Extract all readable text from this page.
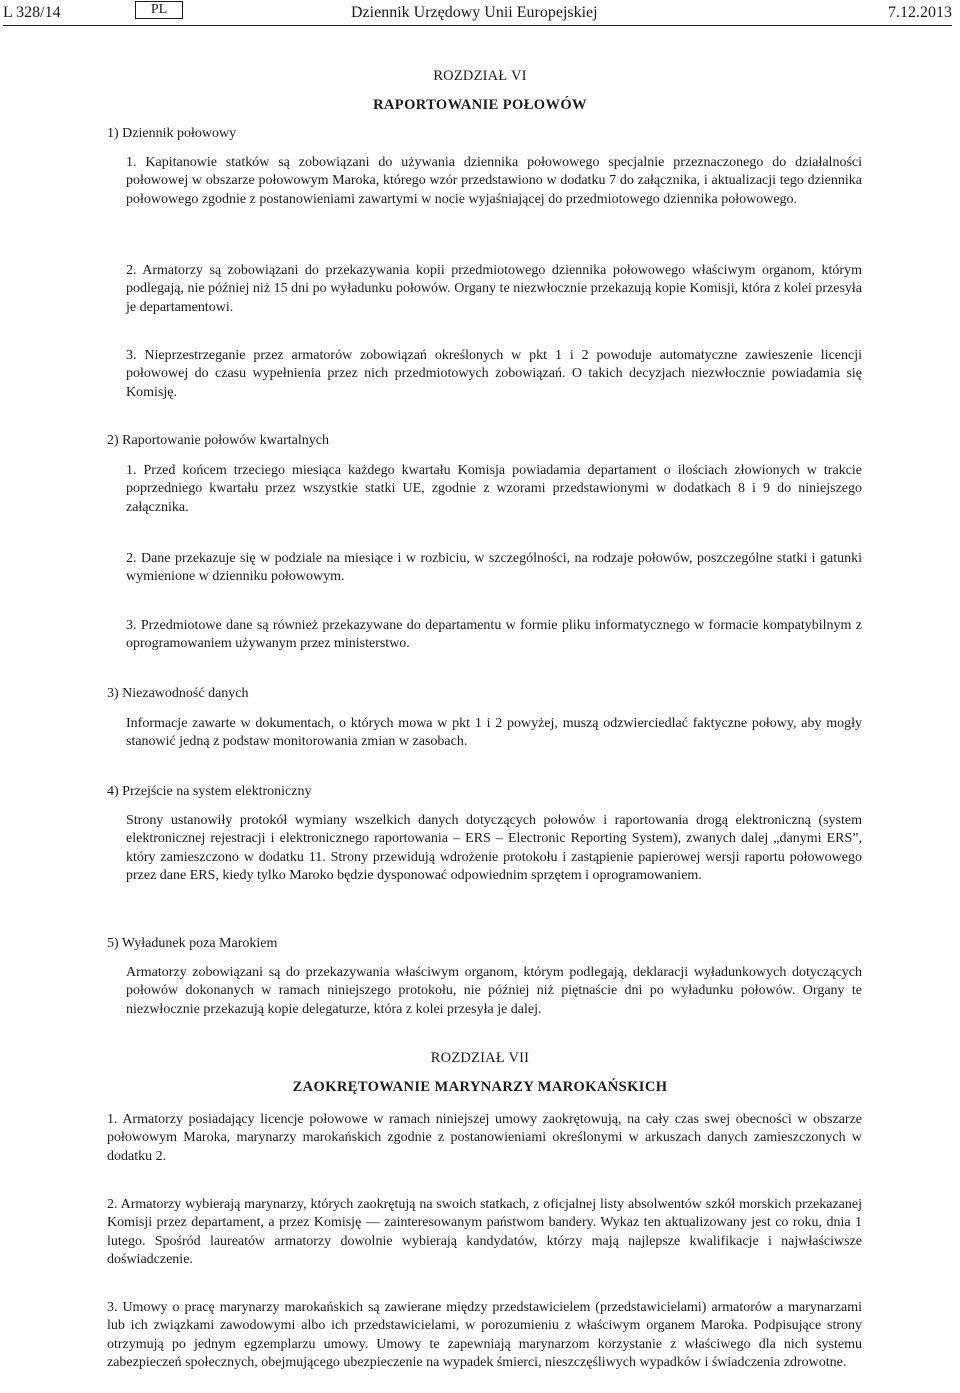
L 328/14	PL	Dziennik Urzędowy Unii Europejskiej	7.12.2013
ROZDZIAŁ VI
RAPORTOWANIE POŁOWÓW
1) Dziennik połowowy

1. Kapitanowie statków są zobowiązani do używania dziennika połowowego specjalnie przeznaczonego do działalności połowowej w obszarze połowowym Maroka, którego wzór przedstawiono w dodatku 7 do załącznika, i aktualizacji tego dziennika połowowego zgodnie z postanowieniami zawartymi w nocie wyjaśniającej do przedmiotowego dziennika połowowego.

2. Armatorzy są zobowiązani do przekazywania kopii przedmiotowego dziennika połowowego właściwym organom, którym podlegają, nie później niż 15 dni po wyładunku połowów. Organy te niezwłocznie przekazują kopie Komisji, która z kolei przesyła je departamentowi.

3. Nieprzestrzeganie przez armatorów zobowiązań określonych w pkt 1 i 2 powoduje automatyczne zawieszenie licencji połowowej do czasu wypełnienia przez nich przedmiotowych zobowiązań. O takich decyzjach niezwłocznie powiadamia się Komisję.

2) Raportowanie połowów kwartalnych

1. Przed końcem trzeciego miesiąca każdego kwartału Komisja powiadamia departament o ilościach złowionych w trakcie poprzedniego kwartału przez wszystkie statki UE, zgodnie z wzorami przedstawionymi w dodatkach 8 i 9 do niniejszego załącznika.

2. Dane przekazuje się w podziale na miesiące i w rozbiciu, w szczególności, na rodzaje połowów, poszczególne statki i gatunki wymienione w dzienniku połowowym.

3. Przedmiotowe dane są również przekazywane do departamentu w formie pliku informatycznego w formacie kompatybilnym z oprogramowaniem używanym przez ministerstwo.

3) Niezawodność danych

Informacje zawarte w dokumentach, o których mowa w pkt 1 i 2 powyżej, muszą odzwierciedlać faktyczne połowy, aby mogły stanowić jedną z podstaw monitorowania zmian w zasobach.

4) Przejście na system elektroniczny

Strony ustanowiły protokół wymiany wszelkich danych dotyczących połowów i raportowania drogą elektroniczną (system elektronicznej rejestracji i elektronicznego raportowania – ERS – Electronic Reporting System), zwanych dalej „danymi ERS”, który zamieszczono w dodatku 11. Strony przewidują wdrożenie protokołu i zastąpienie papierowej wersji raportu połowowego przez dane ERS, kiedy tylko Maroko będzie dysponować odpowiednim sprzętem i oprogramowaniem.

5) Wyładunek poza Marokiem

Armatorzy zobowiązani są do przekazywania właściwym organom, którym podlegają, deklaracji wyładunkowych dotyczących połowów dokonanych w ramach niniejszego protokołu, nie później niż piętnaście dni po wyładunku połowów. Organy te niezwłocznie przekazują kopie delegaturze, która z kolei przesyła je dalej.

ROZDZIAŁ VII
ZAOKRĘTOWANIE MARYNARZY MAROKAŃSKICH

1. Armatorzy posiadający licencje połowowe w ramach niniejszej umowy zaokrętowują, na cały czas swej obecności w obszarze połowowym Maroka, marynarzy marokańskich zgodnie z postanowieniami określonymi w arkuszach danych zamieszczonych w dodatku 2.

2. Armatorzy wybierają marynarzy, których zaokrętują na swoich statkach, z oficjalnej listy absolwentów szkół morskich przekazanej Komisji przez departament, a przez Komisję — zainteresowanym państwom bandery. Wykaz ten aktualizowany jest co roku, dnia 1 lutego. Spośród laureatów armatorzy dowolnie wybierają kandydatów, którzy mają najlepsze kwalifikacje i najwłaściwsze doświadczenie.

3. Umowy o pracę marynarzy marokańskich są zawierane między przedstawicielem (przedstawicielami) armatorów a marynarzami lub ich związkami zawodowymi albo ich przedstawicielami, w porozumieniu z właściwym organem Maroka. Podpisujące strony otrzymują po jednym egzemplarzu umowy. Umowy te zapewniają marynarzom korzystanie z właściwego dla nich systemu zabezpieczeń społecznych, obejmującego ubezpieczenie na wypadek śmierci, nieszczęśliwych wypadków i świadczenia zdrowotne.
